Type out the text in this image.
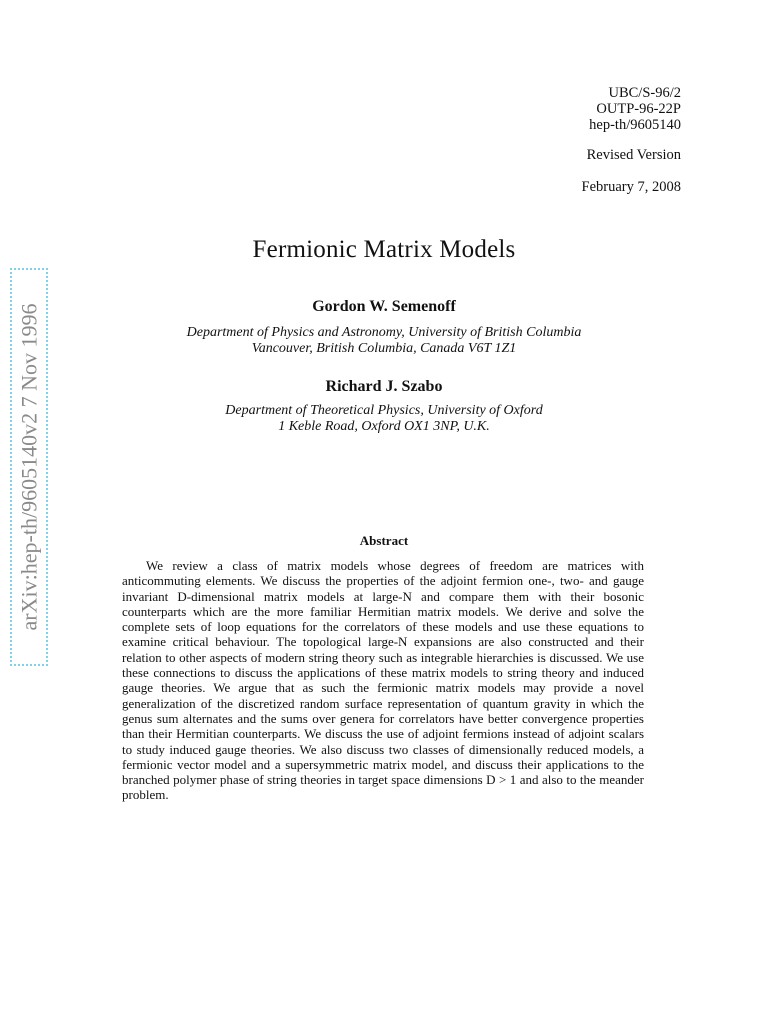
UBC/S-96/2
OUTP-96-22P
hep-th/9605140
Revised Version
February 7, 2008
Fermionic Matrix Models
Gordon W. Semenoff
Department of Physics and Astronomy, University of British Columbia
Vancouver, British Columbia, Canada V6T 1Z1
Richard J. Szabo
Department of Theoretical Physics, University of Oxford
1 Keble Road, Oxford OX1 3NP, U.K.
Abstract
We review a class of matrix models whose degrees of freedom are matrices with anticommuting elements. We discuss the properties of the adjoint fermion one-, two- and gauge invariant D-dimensional matrix models at large-N and compare them with their bosonic counterparts which are the more familiar Hermitian matrix models. We derive and solve the complete sets of loop equations for the correlators of these models and use these equations to examine critical behaviour. The topological large-N expansions are also constructed and their relation to other aspects of modern string theory such as integrable hierarchies is discussed. We use these connections to discuss the applications of these matrix models to string theory and induced gauge theories. We argue that as such the fermionic matrix models may provide a novel generalization of the discretized random surface representation of quantum gravity in which the genus sum alternates and the sums over genera for correlators have better convergence properties than their Hermitian counterparts. We discuss the use of adjoint fermions instead of adjoint scalars to study induced gauge theories. We also discuss two classes of dimensionally reduced models, a fermionic vector model and a supersymmetric matrix model, and discuss their applications to the branched polymer phase of string theories in target space dimensions D > 1 and also to the meander problem.
arXiv:hep-th/9605140v2 7 Nov 1996
